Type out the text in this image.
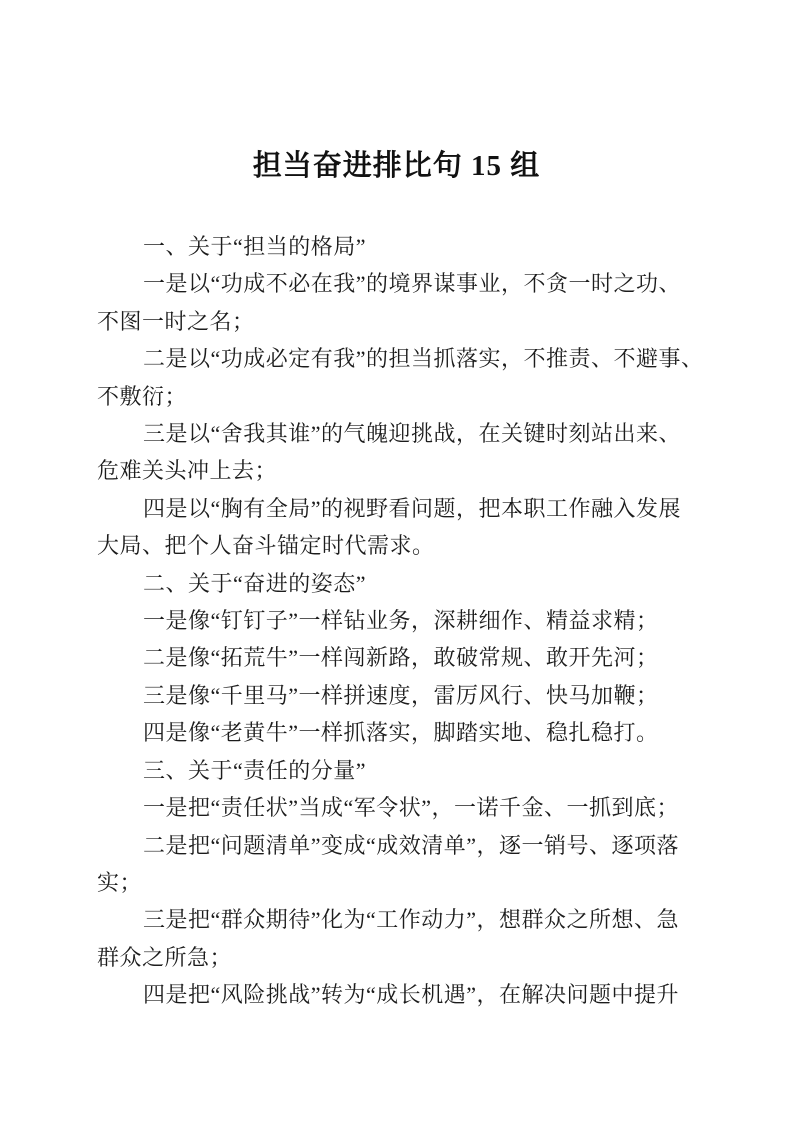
担当奋进排比句 15 组
一、关于“担当的格局”
一是以“功成不必在我”的境界谋事业，不贪一时之功、
不图一时之名；
二是以“功成必定有我”的担当抓落实，不推责、不避事、
不敷衍；
三是以“舍我其谁”的气魄迎挑战，在关键时刻站出来、
危难关头冲上去；
四是以“胸有全局”的视野看问题，把本职工作融入发展
大局、把个人奋斗锚定时代需求。
二、关于“奋进的姿态”
一是像“钉钉子”一样钻业务，深耕细作、精益求精；
二是像“拓荒牛”一样闯新路，敢破常规、敢开先河；
三是像“千里马”一样拼速度，雷厉风行、快马加鞭；
四是像“老黄牛”一样抓落实，脚踏实地、稳扎稳打。
三、关于“责任的分量”
一是把“责任状”当成“军令状”，一诺千金、一抓到底；
二是把“问题清单”变成“成效清单”，逐一销号、逐项落
实；
三是把“群众期待”化为“工作动力”，想群众之所想、急
群众之所急；
四是把“风险挑战”转为“成长机遇”，在解决问题中提升
